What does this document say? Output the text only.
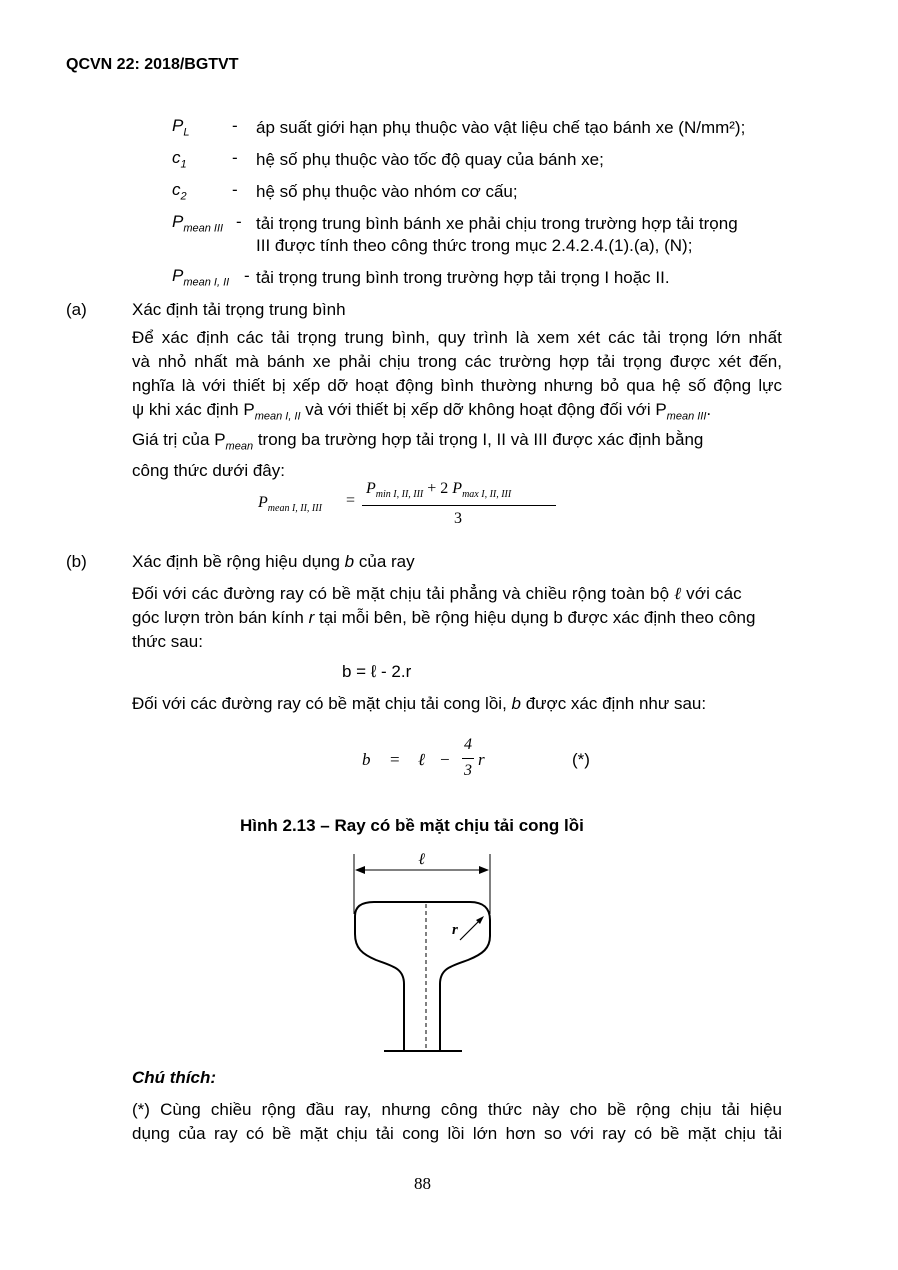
QCVN 22: 2018/BGTVT
$P_L$	- áp suất giới hạn phụ thuộc vào vật liệu chế tạo bánh xe (N/mm²);
$c_1$	- hệ số phụ thuộc vào tốc độ quay của bánh xe;
$c_2$	- hệ số phụ thuộc vào nhóm cơ cấu;
$P_{mean III}$ - tải trọng trung bình bánh xe phải chịu trong trường hợp tải trọng
III được tính theo công thức trong mục 2.4.2.4.(1).(a), (N);
$P_{mean I, II}$ - tải trọng trung bình trong trường hợp tải trọng I hoặc II.
(a)	Xác định tải trọng trung bình
Để xác định các tải trọng trung bình, quy trình là xem xét các tải trọng lớn nhất
và nhỏ nhất mà bánh xe phải chịu trong các trường hợp tải trọng được xét đến,
nghĩa là với thiết bị xếp dỡ hoạt động bình thường nhưng bỏ qua hệ số động lực
ψ khi xác định $P_{mean I, II}$ và với thiết bị xếp dỡ không hoạt động đối với $P_{mean III}$.
Giá trị của $P_{mean}$ trong ba trường hợp tải trọng I, II và III được xác định bằng
công thức dưới đây:
$P_{mean I, II, III}$ =
$P_{min I, II, III} + 2$ $P_{max I, II, III}$
3
(b)	Xác định bề rộng hiệu dụng b của ray
Đối với các đường ray có bề mặt chịu tải phẳng và chiều rộng toàn bộ ℓ với các
góc lượn tròn bán kính r tại mỗi bên, bề rộng hiệu dụng b được xác định theo công
thức sau:
b = ℓ - 2.r
Đối với các đường ray có bề mặt chịu tải cong lồi, b được xác định như sau:
b = ℓ −
4
3
r	(*)
Hình 2.13 – Ray có bề mặt chịu tải cong lồi
ℓ
r
Chú thích:
(*) Cùng chiều rộng đầu ray, nhưng công thức này cho bề rộng chịu tải hiệu
dụng của ray có bề mặt chịu tải cong lồi lớn hơn so với ray có bề mặt chịu tải
88
